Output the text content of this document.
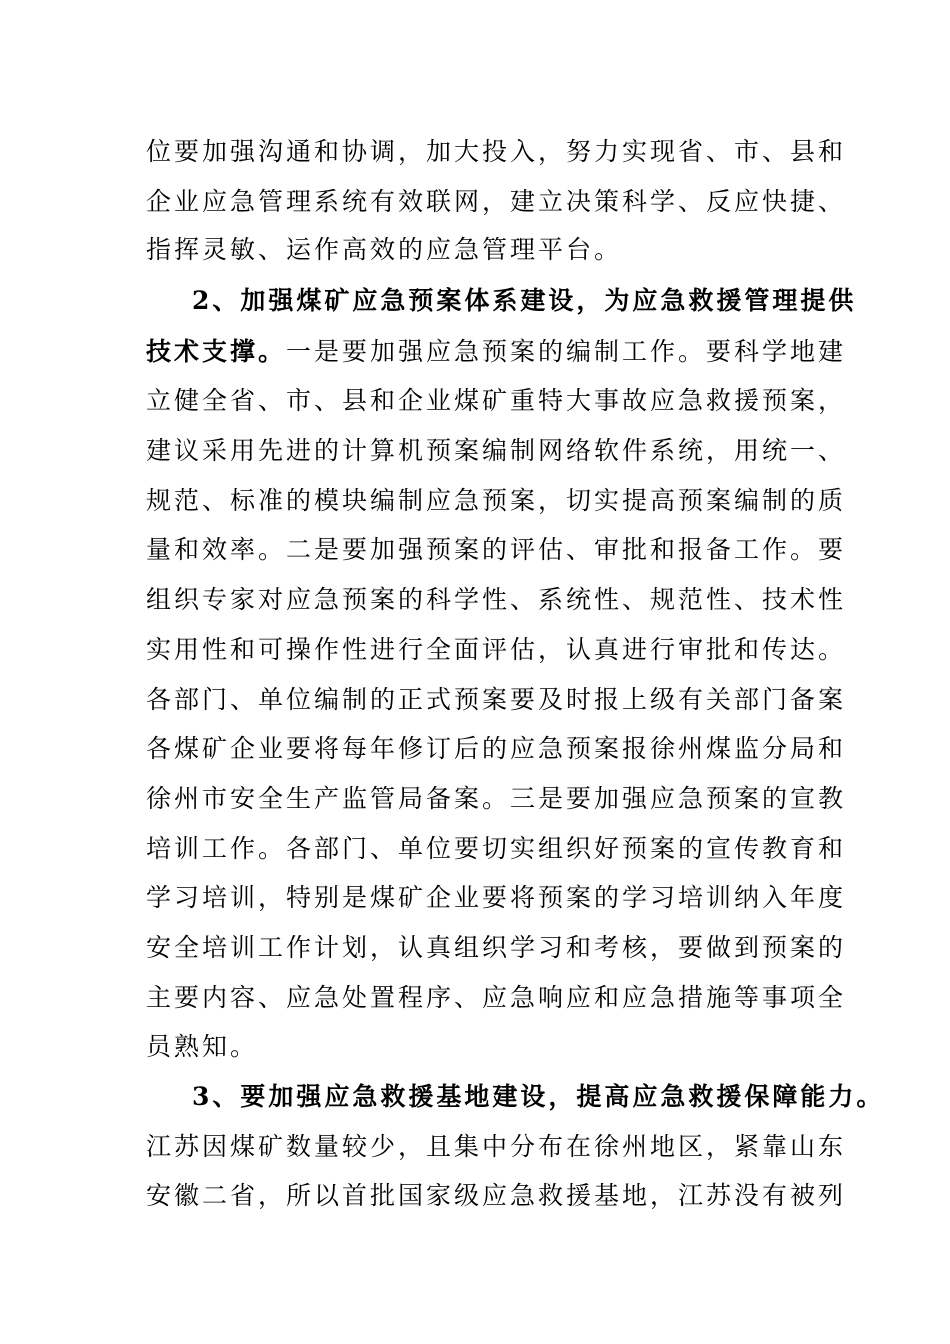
位要加强沟通和协调，加大投入，努力实现省、市、县和
企业应急管理系统有效联网，建立决策科学、反应快捷、
指挥灵敏、运作高效的应急管理平台。
2、加强煤矿应急预案体系建设，为应急救援管理提供
技术支撑。一是要加强应急预案的编制工作。要科学地建
立健全省、市、县和企业煤矿重特大事故应急救援预案，
建议采用先进的计算机预案编制网络软件系统，用统一、
规范、标准的模块编制应急预案，切实提高预案编制的质
量和效率。二是要加强预案的评估、审批和报备工作。要
组织专家对应急预案的科学性、系统性、规范性、技术性
实用性和可操作性进行全面评估，认真进行审批和传达。
各部门、单位编制的正式预案要及时报上级有关部门备案
各煤矿企业要将每年修订后的应急预案报徐州煤监分局和
徐州市安全生产监管局备案。三是要加强应急预案的宣教
培训工作。各部门、单位要切实组织好预案的宣传教育和
学习培训，特别是煤矿企业要将预案的学习培训纳入年度
安全培训工作计划，认真组织学习和考核，要做到预案的
主要内容、应急处置程序、应急响应和应急措施等事项全
员熟知。
3、要加强应急救援基地建设，提高应急救援保障能力。
江苏因煤矿数量较少，且集中分布在徐州地区，紧靠山东
安徽二省，所以首批国家级应急救援基地，江苏没有被列
